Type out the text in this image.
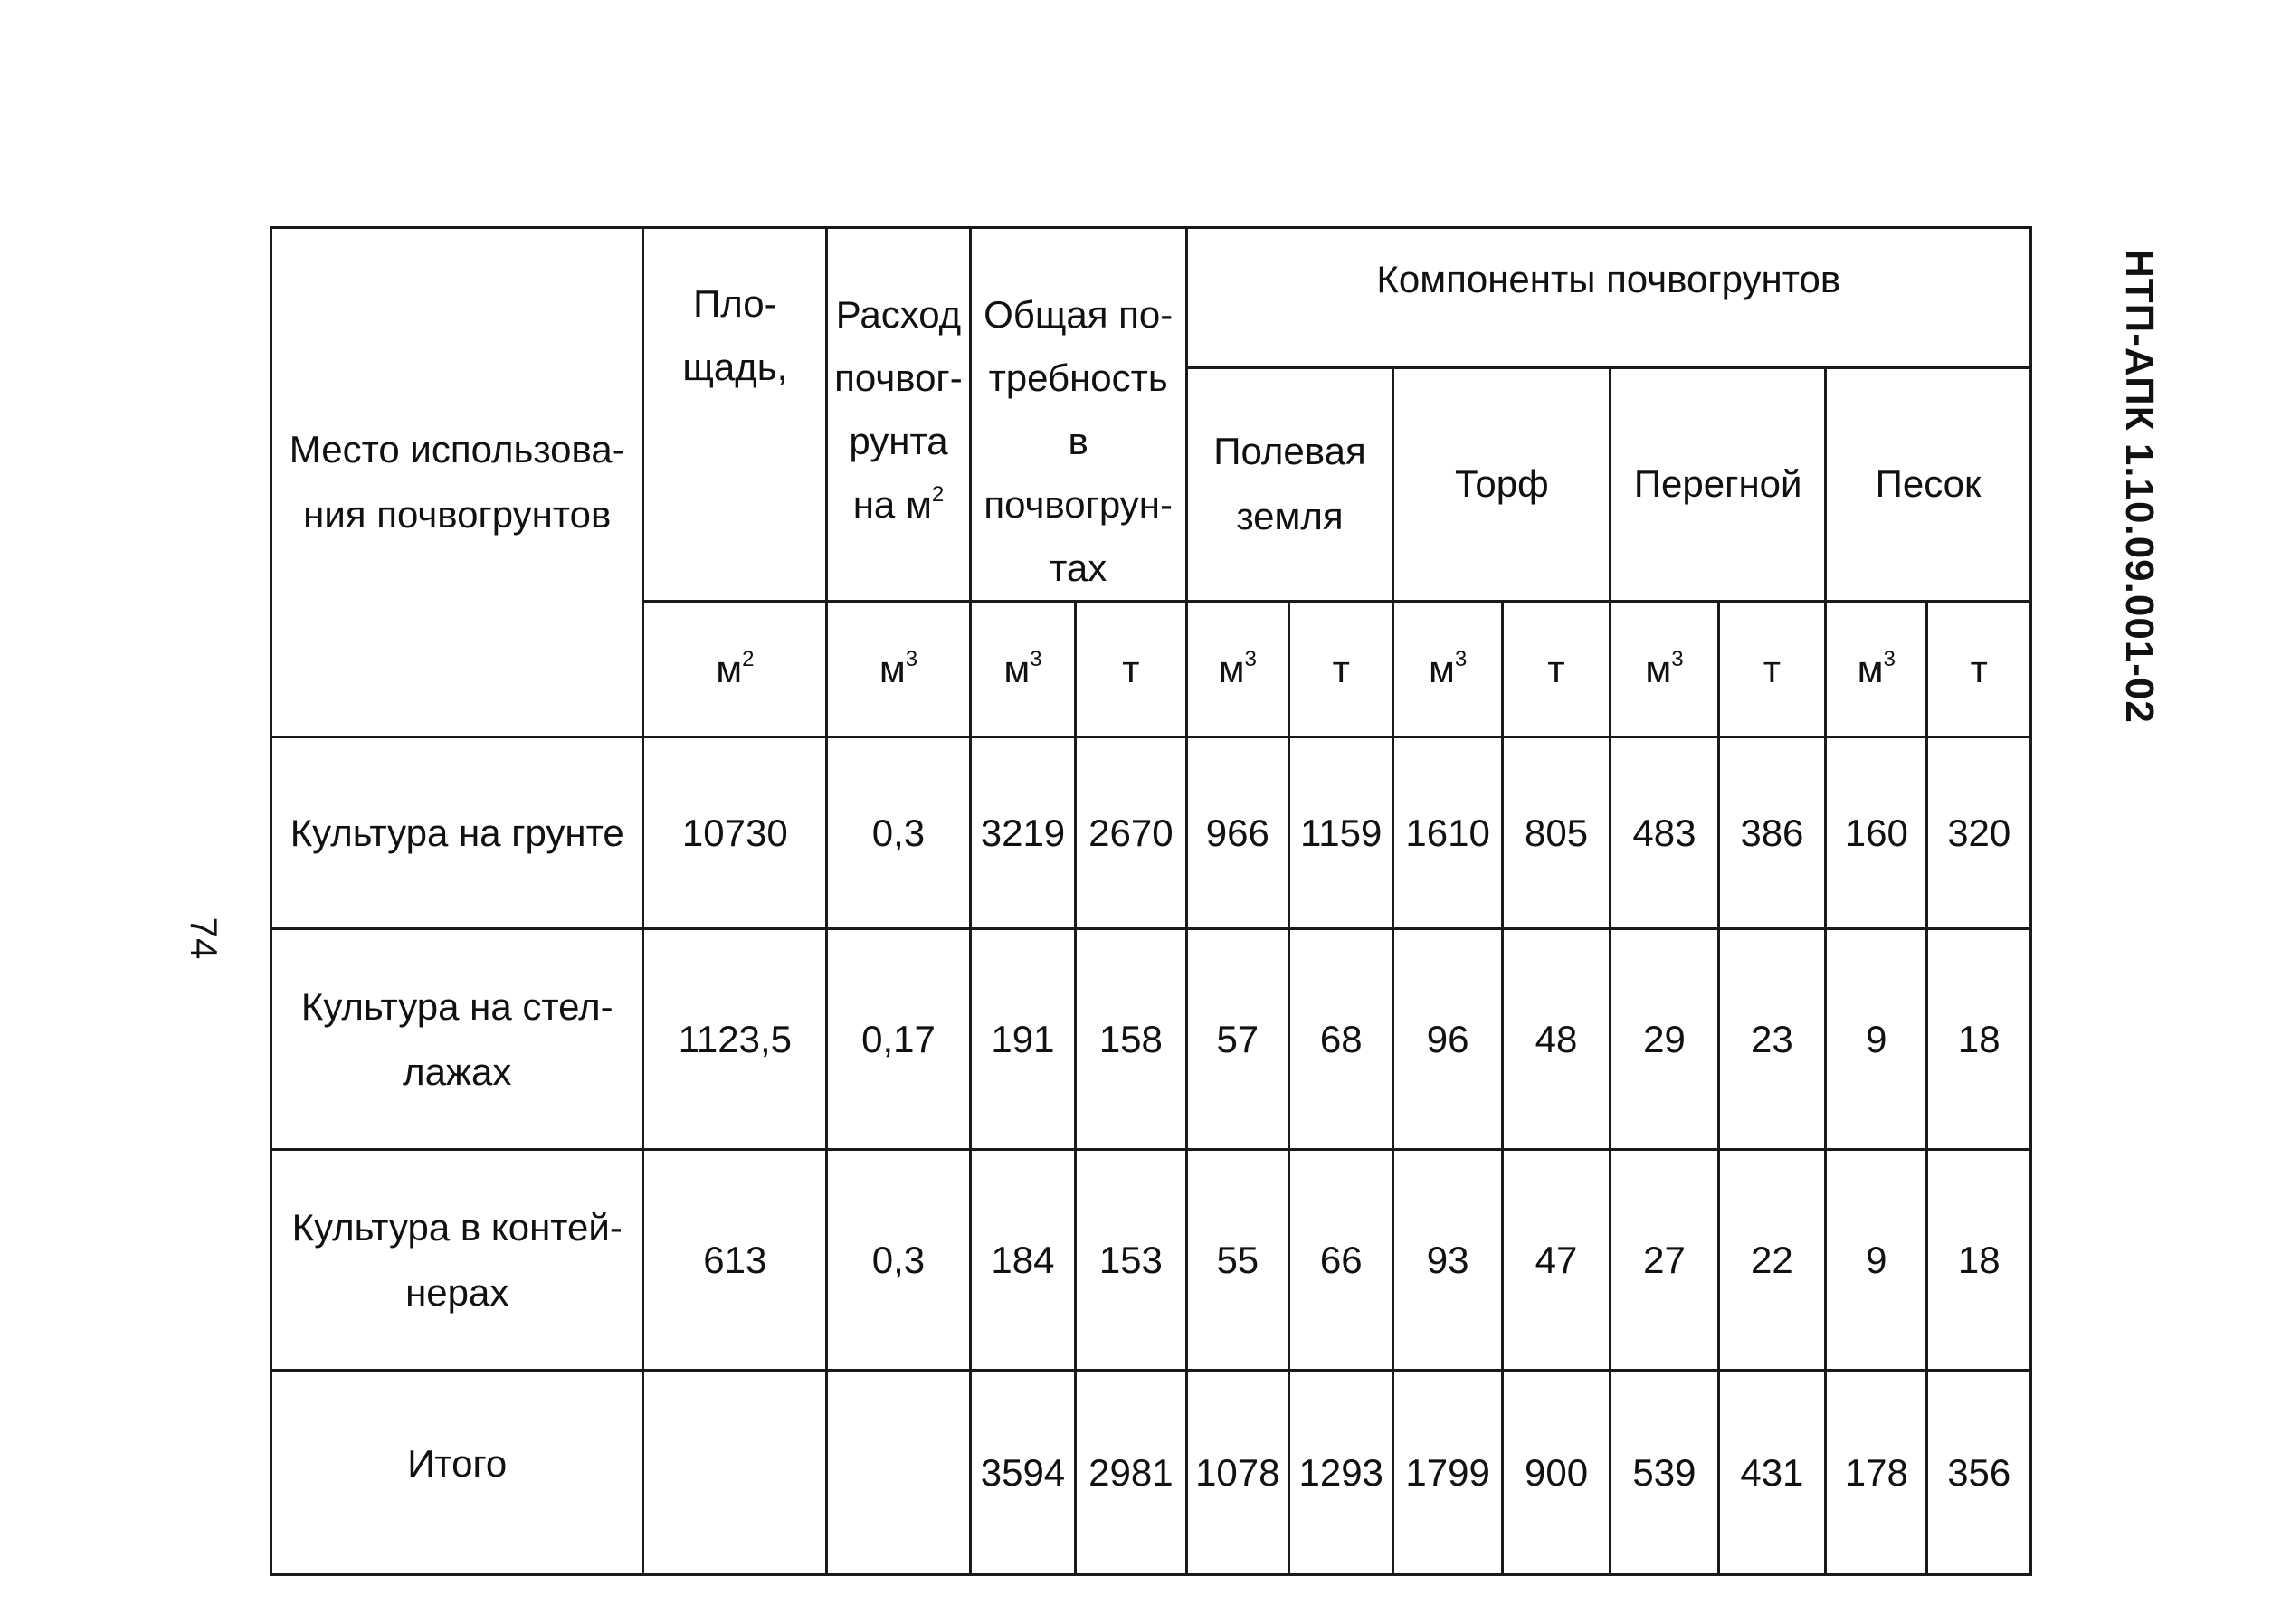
НТП-АПК 1.10.09.001-02
74
Место использова-ния почвогрунтов	Пло-щадь,	Расход почвог-рунта на $м^2$	Общая по-требность в почвогрун-тах		Компоненты почвогрунтов							
					Полевая земля		Торф		Перегной		Песок	
	$м^2$	$м^3$	$м^3$	т	$м^3$	т	$м^3$	т	$м^3$	т	$м^3$	т
Культура на грунте	10730	0,3	3219	2670	966	1159	1610	805	483	386	160	320
Культура на стел-лажах	1123,5	0,17	191	158	57	68	96	48	29	23	9	18
Культура в контей-нерах	613	0,3	184	153	55	66	93	47	27	22	9	18
Итого			3594	2981	1078	1293	1799	900	539	431	178	356
